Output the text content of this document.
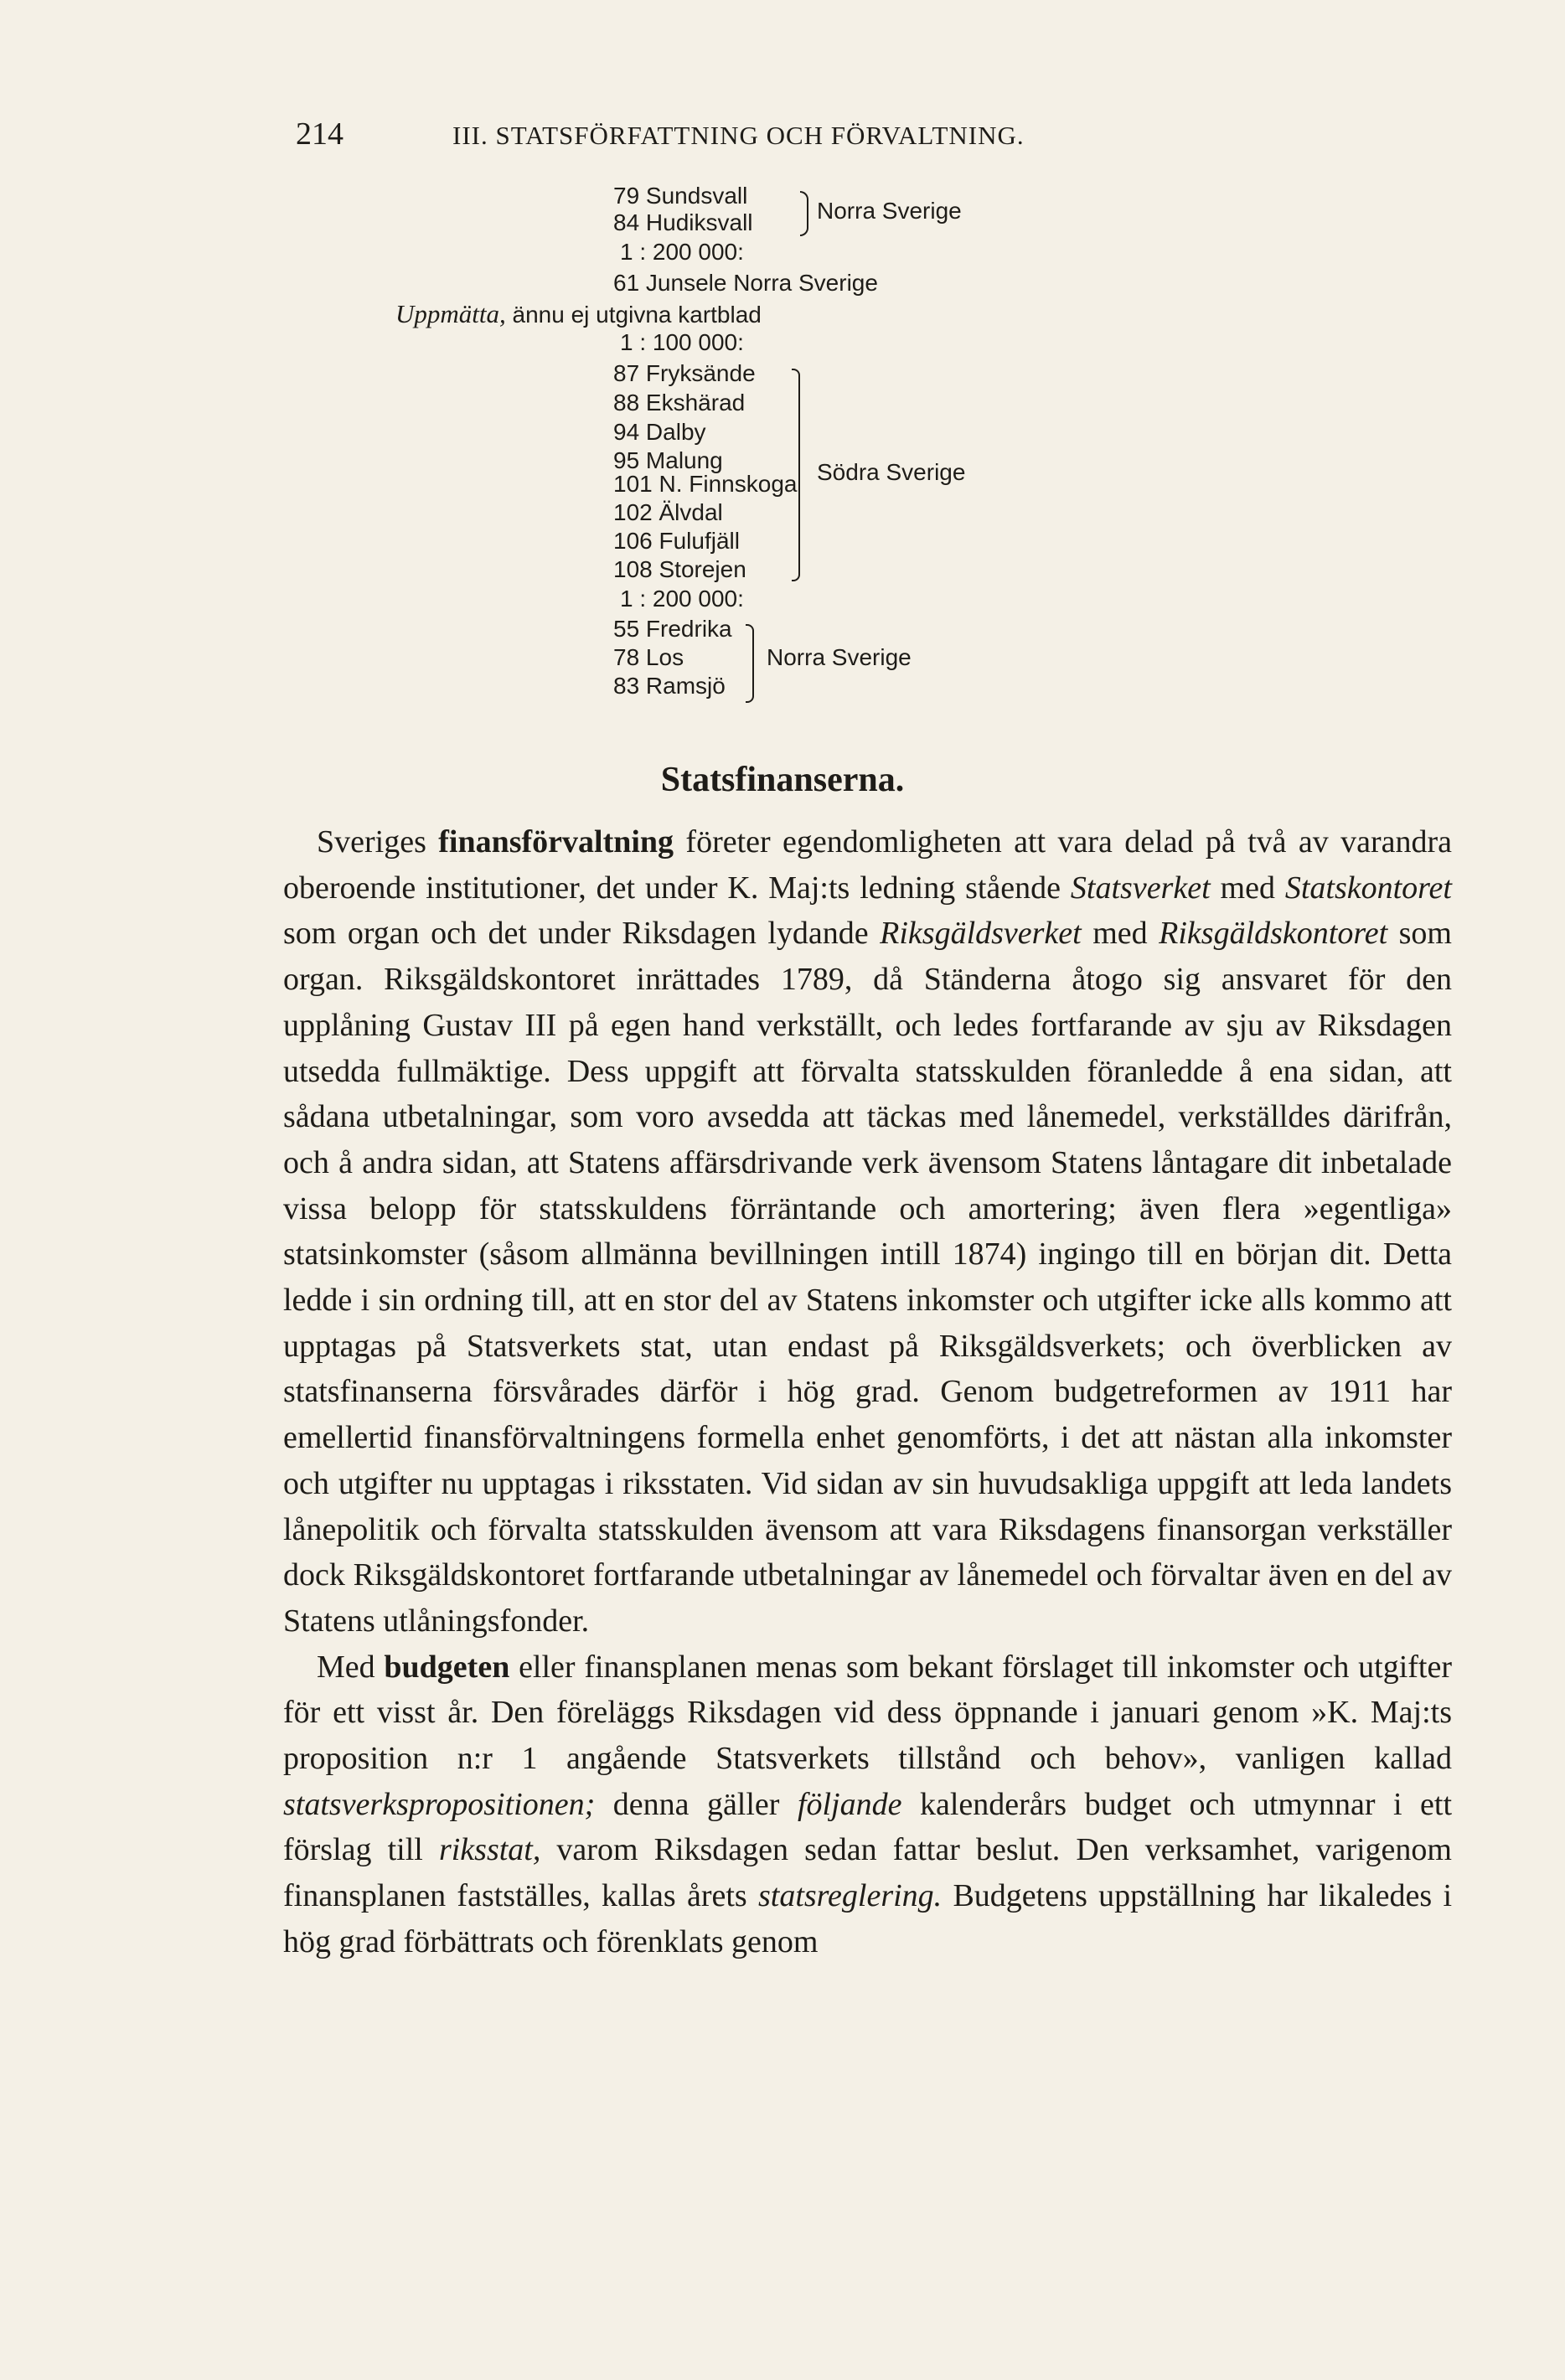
214	III. STATSFÖRFATTNING OCH FÖRVALTNING.
79 Sundsvall
84 Hudiksvall	Norra Sverige
1 : 200 000:
61 Junsele Norra Sverige
Uppmätta, ännu ej utgivna kartblad
1 : 100 000:
87 Fryksände
88 Ekshärad
94 Dalby
95 Malung
101 N. Finnskoga
102 Älvdal
106 Fulufjäll
108 Storejen
Södra Sverige
1 : 200 000:
55 Fredrika
78 Los
83 Ramsjö
Norra Sverige
Statsfinanserna.

Sveriges finansförvaltning företer egendomligheten att vara delad på två av varandra oberoende institutioner, det under K. Maj:ts ledning stående Statsverket med Statskontoret som organ och det under Riksdagen lydande Riksgäldsverket med Riksgäldskontoret som organ. Riksgäldskontoret inrättades 1789, då Ständerna åtogo sig ansvaret för den upplåning Gustav III på egen hand verkställt, och ledes fortfarande av sju av Riksdagen utsedda fullmäktige. Dess uppgift att förvalta statsskulden föranledde å ena sidan, att sådana utbetalningar, som voro avsedda att täckas med lånemedel, verkställdes därifrån, och å andra sidan, att Statens affärsdrivande verk ävensom Statens låntagare dit inbetalade vissa belopp för statsskuldens förräntande och amortering; även flera »egentliga» statsinkomster (såsom allmänna bevillningen intill 1874) ingingo till en början dit. Detta ledde i sin ordning till, att en stor del av Statens inkomster och utgifter icke alls kommo att upptagas på Statsverkets stat, utan endast på Riksgäldsverkets; och överblicken av statsfinanserna försvårades därför i hög grad. Genom budgetreformen av 1911 har emellertid finansförvaltningens formella enhet genomförts, i det att nästan alla inkomster och utgifter nu upptagas i riksstaten. Vid sidan av sin huvudsakliga uppgift att leda landets lånepolitik och förvalta statsskulden ävensom att vara Riksdagens finansorgan verkställer dock Riksgäldskontoret fortfarande utbetalningar av lånemedel och förvaltar även en del av Statens utlåningsfonder.

Med budgeten eller finansplanen menas som bekant förslaget till inkomster och utgifter för ett visst år. Den föreläggs Riksdagen vid dess öppnande i januari genom »K. Maj:ts proposition n:r 1 angående Statsverkets tillstånd och behov», vanligen kallad statsverkspropositionen; denna gäller följande kalenderårs budget och utmynnar i ett förslag till riksstat, varom Riksdagen sedan fattar beslut. Den verksamhet, varigenom finansplanen fastställes, kallas årets statsreglering. Budgetens uppställning har likaledes i hög grad förbättrats och förenklats genom
